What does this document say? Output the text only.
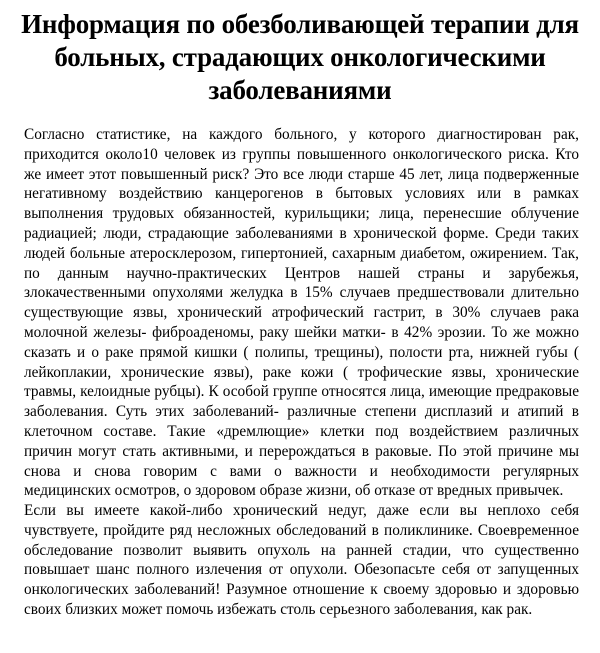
Информация по обезболивающей терапии для больных, страдающих онкологическими заболеваниями

Согласно статистике, на каждого больного, у которого диагностирован рак, приходится около10 человек из группы повышенного онкологического риска. Кто же имеет этот повышенный риск? Это все люди старше 45 лет, лица подверженные негативному воздействию канцерогенов в бытовых условиях или в рамках выполнения трудовых обязанностей, курильщики; лица, перенесшие облучение радиацией; люди, страдающие заболеваниями в хронической форме. Среди таких людей больные атеросклерозом, гипертонией, сахарным диабетом, ожирением. Так, по данным научно-практических Центров нашей страны и зарубежья, злокачественными опухолями желудка в 15% случаев предшествовали длительно существующие язвы, хронический атрофический гастрит, в 30% случаев рака молочной железы- фиброаденомы, раку шейки матки- в 42% эрозии. То же можно сказать и о раке прямой кишки ( полипы, трещины), полости рта, нижней губы ( лейкоплакии, хронические язвы), раке кожи ( трофические язвы, хронические травмы, келоидные рубцы). К особой группе относятся лица, имеющие предраковые заболевания. Суть этих заболеваний- различные степени дисплазий и атипий в клеточном составе. Такие «дремлющие» клетки под воздействием различных причин могут стать активными, и перерождаться в раковые. По этой причине мы снова и снова говорим с вами о важности и необходимости регулярных медицинских осмотров, о здоровом образе жизни, об отказе от вредных привычек.

Если вы имеете какой-либо хронический недуг, даже если вы неплохо себя чувствуете, пройдите ряд несложных обследований в поликлинике. Своевременное обследование позволит выявить опухоль на ранней стадии, что существенно повышает шанс полного излечения от опухоли. Обезопасьте себя от запущенных онкологических заболеваний! Разумное отношение к своему здоровью и здоровью своих близких может помочь избежать столь серьезного заболевания, как рак.
